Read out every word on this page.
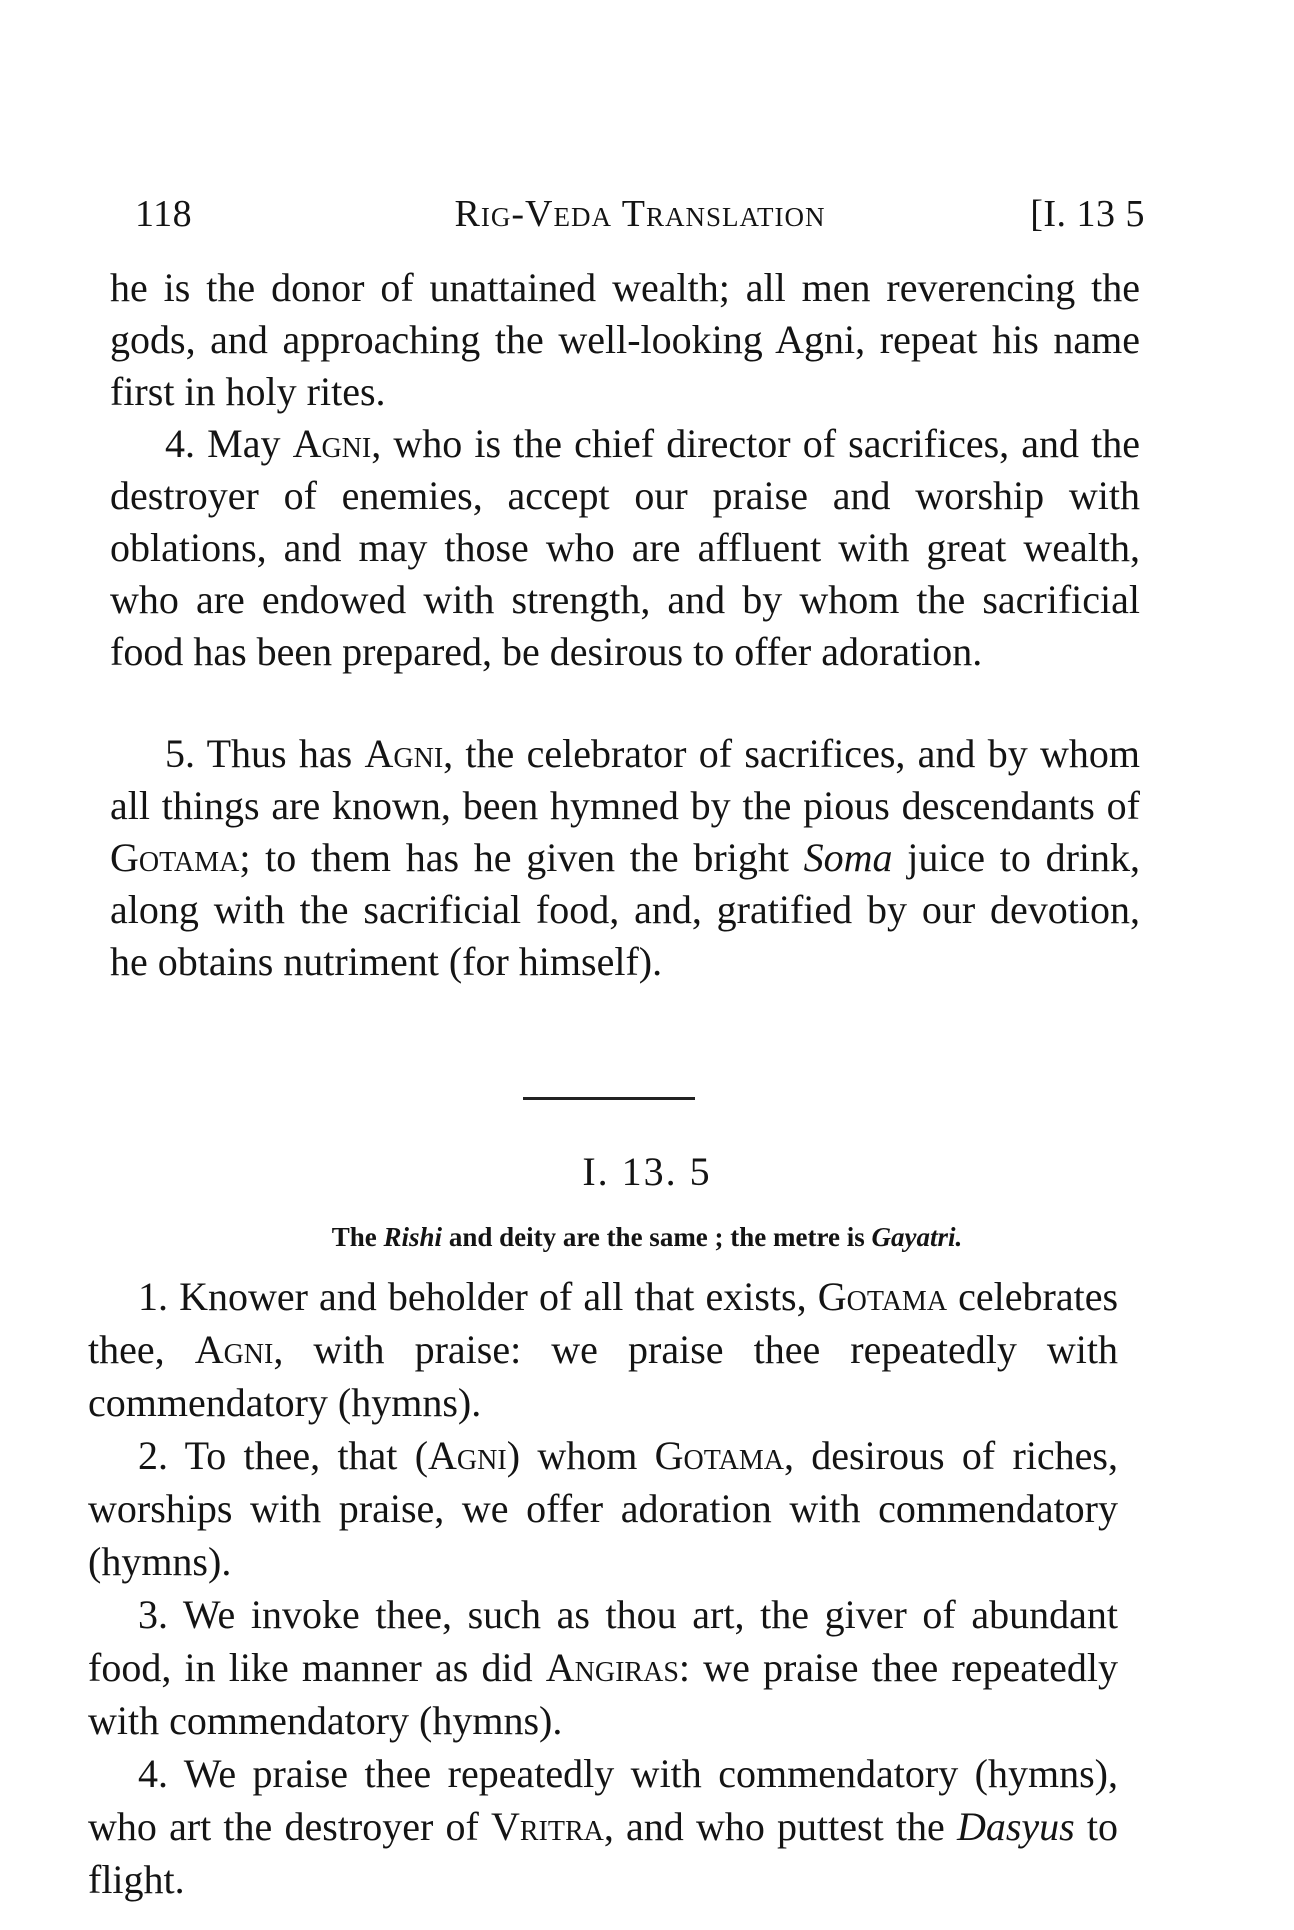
118	Rig-Veda Translation	[I. 13 5

he is the donor of unattained wealth; all men reverencing the gods, and approaching the well-looking Agni, repeat his name first in holy rites.

4. May Agni, who is the chief director of sacrifices, and the destroyer of enemies, accept our praise and worship with oblations, and may those who are affluent with great wealth, who are endowed with strength, and by whom the sacrificial food has been prepared, be desirous to offer adoration.

5. Thus has Agni, the celebrator of sacrifices, and by whom all things are known, been hymned by the pious descendants of Gotama; to them has he given the bright Soma juice to drink, along with the sacrificial food, and, gratified by our devotion, he obtains nutriment (for himself).

I. 13. 5
The Rishi and deity are the same ; the metre is Gayatri.

1. Knower and beholder of all that exists, Gotama celebrates thee, Agni, with praise: we praise thee repeatedly with commendatory (hymns).

2. To thee, that (Agni) whom Gotama, desirous of riches, worships with praise, we offer adoration with commendatory (hymns).

3. We invoke thee, such as thou art, the giver of abundant food, in like manner as did Angiras: we praise thee repeatedly with commendatory (hymns).

4. We praise thee repeatedly with commendatory (hymns), who art the destroyer of Vritra, and who puttest the Dasyus to flight.
